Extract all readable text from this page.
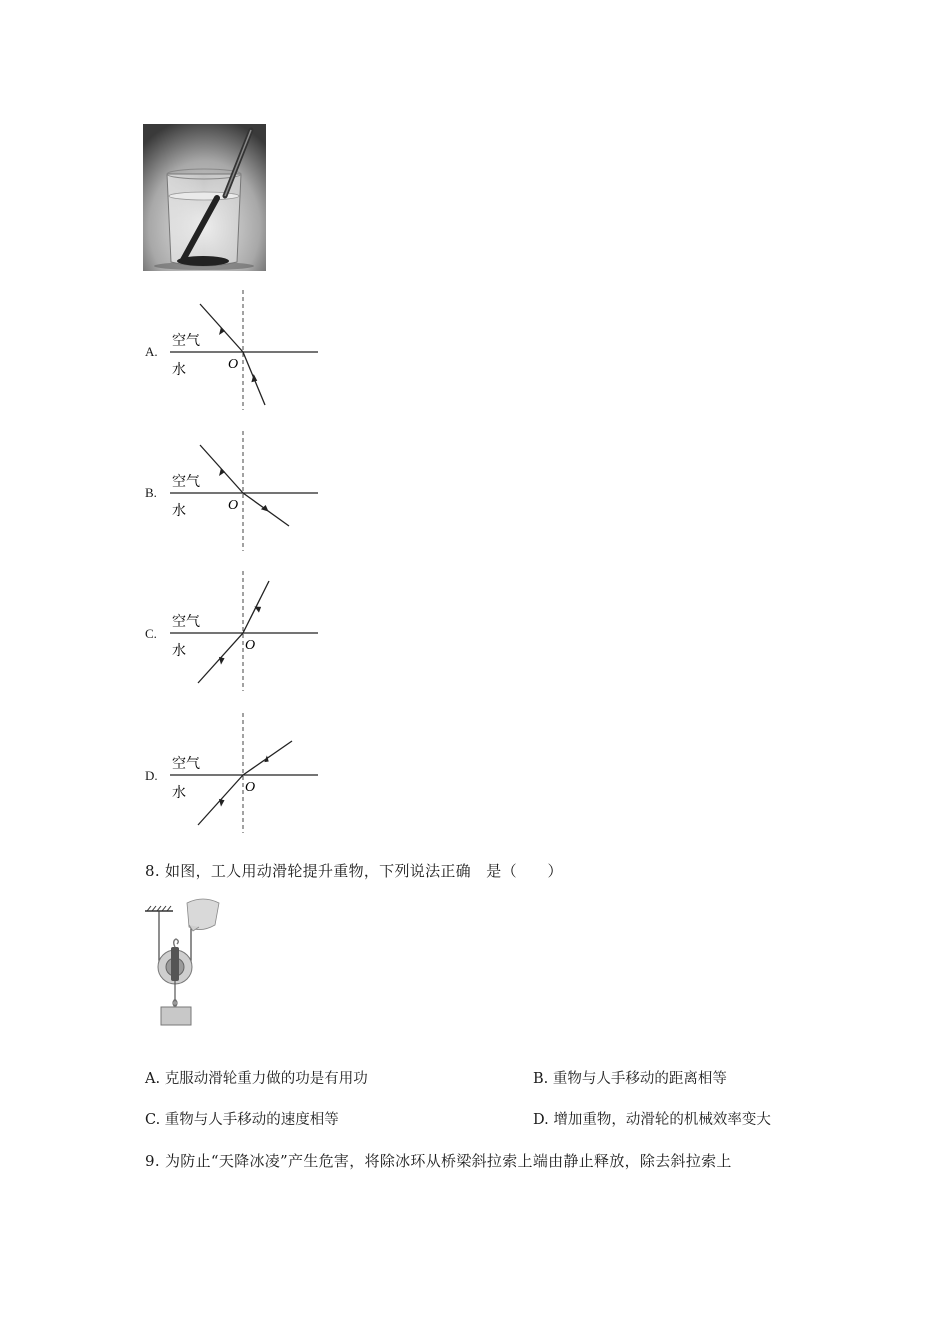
A.
空气
水	O
B.
空气
水	O
C.
空气
水	O
D.
空气
水	O
8. 如图，工人用动滑轮提升重物，下列说法正确　是（　　）
A. 克服动滑轮重力做的功是有用功	B. 重物与人手移动的距离相等
C. 重物与人手移动的速度相等	D. 增加重物，动滑轮的机械效率变大
9. 为防止“天降冰凌”产生危害，将除冰环从桥梁斜拉索上端由静止释放，除去斜拉索上
